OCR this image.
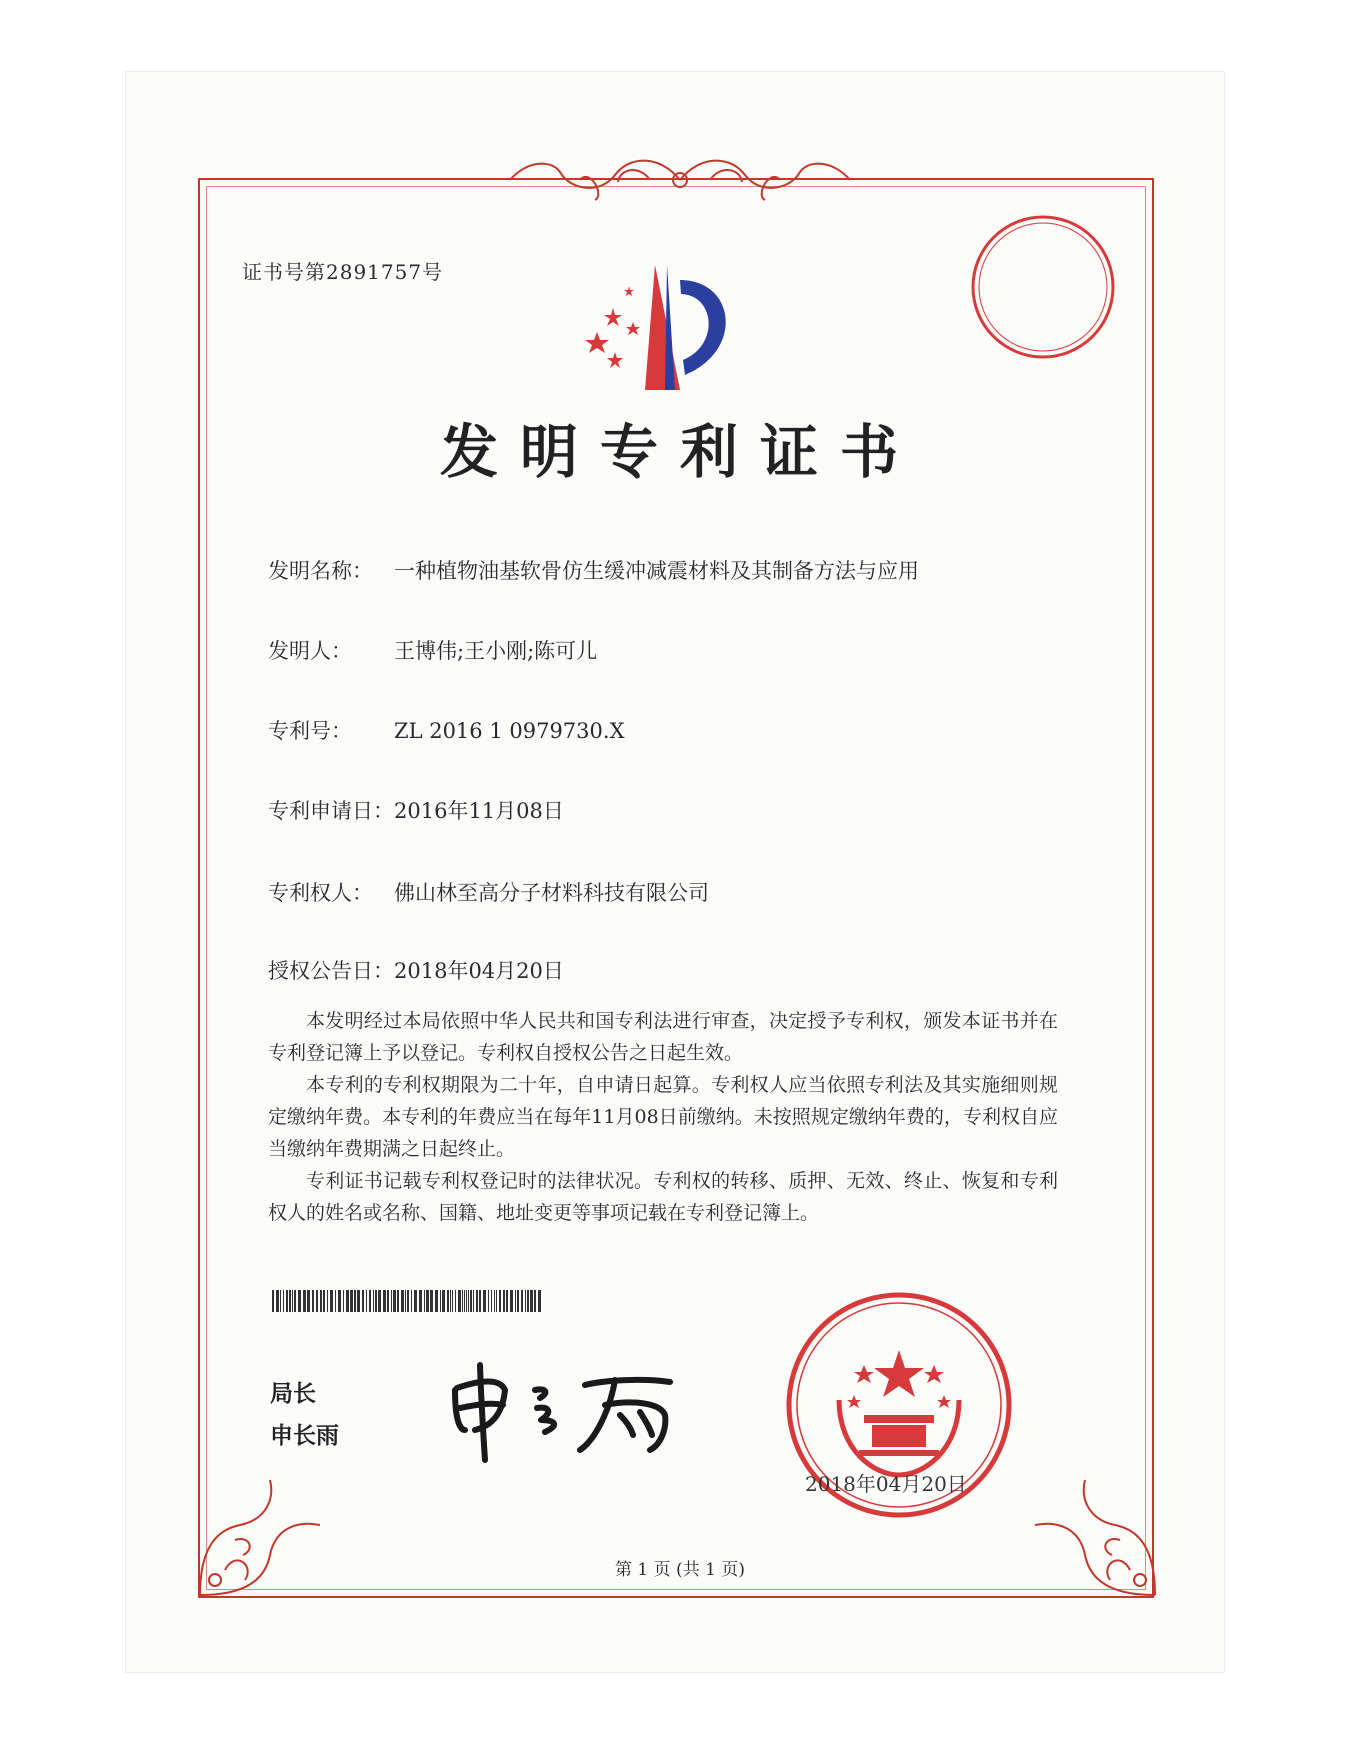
证书号第2891757号
发明专利证书
发明名称： 一种植物油基软骨仿生缓冲减震材料及其制备方法与应用
发明人： 王博伟;王小刚;陈可儿
专利号： ZL 2016 1 0979730.X
专利申请日：2016年11月08日
专利权人： 佛山林至高分子材料科技有限公司
授权公告日：2018年04月20日

本发明经过本局依照中华人民共和国专利法进行审查，决定授予专利权，颁发本证书并在专利登记簿上予以登记。专利权自授权公告之日起生效。

本专利的专利权期限为二十年，自申请日起算。专利权人应当依照专利法及其实施细则规定缴纳年费。本专利的年费应当在每年11月08日前缴纳。未按照规定缴纳年费的，专利权自应当缴纳年费期满之日起终止。

专利证书记载专利权登记时的法律状况。专利权的转移、质押、无效、终止、恢复和专利权人的姓名或名称、国籍、地址变更等事项记载在专利登记簿上。

局长
申长雨
2018年04月20日
第 1 页 (共 1 页)
